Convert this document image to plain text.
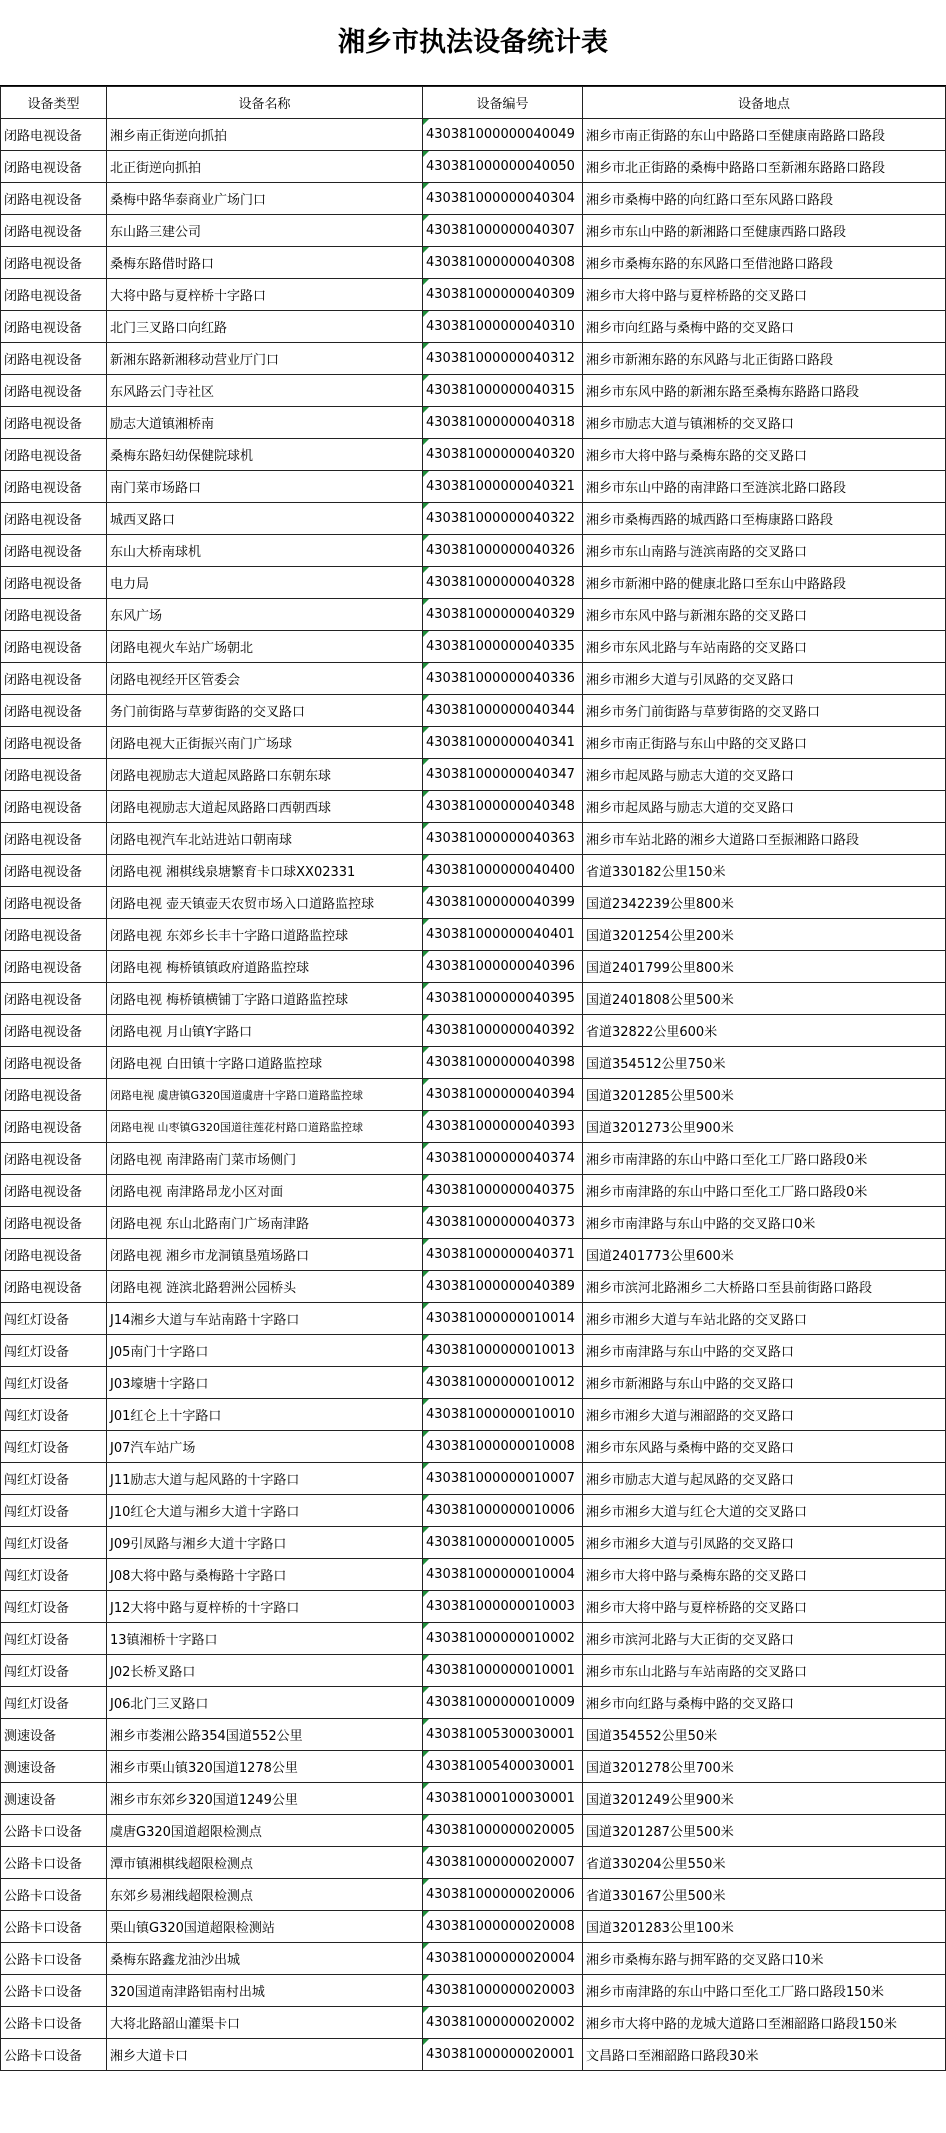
湘乡市执法设备统计表
设备类型	设备名称	设备编号	设备地点
闭路电视设备	湘乡南正街逆向抓拍	430381000000040049	湘乡市南正街路的东山中路路口至健康南路路口路段
闭路电视设备	北正街逆向抓拍	430381000000040050	湘乡市北正街路的桑梅中路路口至新湘东路路口路段
闭路电视设备	桑梅中路华泰商业广场门口	430381000000040304	湘乡市桑梅中路的向红路口至东风路口路段
闭路电视设备	东山路三建公司	430381000000040307	湘乡市东山中路的新湘路口至健康西路口路段
闭路电视设备	桑梅东路借时路口	430381000000040308	湘乡市桑梅东路的东风路口至借池路口路段
闭路电视设备	大将中路与夏梓桥十字路口	430381000000040309	湘乡市大将中路与夏梓桥路的交叉路口
闭路电视设备	北门三叉路口向红路	430381000000040310	湘乡市向红路与桑梅中路的交叉路口
闭路电视设备	新湘东路新湘移动营业厅门口	430381000000040312	湘乡市新湘东路的东风路与北正街路口路段
闭路电视设备	东风路云门寺社区	430381000000040315	湘乡市东风中路的新湘东路至桑梅东路路口路段
闭路电视设备	励志大道镇湘桥南	430381000000040318	湘乡市励志大道与镇湘桥的交叉路口
闭路电视设备	桑梅东路妇幼保健院球机	430381000000040320	湘乡市大将中路与桑梅东路的交叉路口
闭路电视设备	南门菜市场路口	430381000000040321	湘乡市东山中路的南津路口至涟滨北路口路段
闭路电视设备	城西叉路口	430381000000040322	湘乡市桑梅西路的城西路口至梅康路口路段
闭路电视设备	东山大桥南球机	430381000000040326	湘乡市东山南路与涟滨南路的交叉路口
闭路电视设备	电力局	430381000000040328	湘乡市新湘中路的健康北路口至东山中路路段
闭路电视设备	东风广场	430381000000040329	湘乡市东风中路与新湘东路的交叉路口
闭路电视设备	闭路电视火车站广场朝北	430381000000040335	湘乡市东风北路与车站南路的交叉路口
闭路电视设备	闭路电视经开区管委会	430381000000040336	湘乡市湘乡大道与引凤路的交叉路口
闭路电视设备	务门前街路与草萝街路的交叉路口	430381000000040344	湘乡市务门前街路与草萝街路的交叉路口
闭路电视设备	闭路电视大正街振兴南门广场球	430381000000040341	湘乡市南正街路与东山中路的交叉路口
闭路电视设备	闭路电视励志大道起凤路路口东朝东球	430381000000040347	湘乡市起凤路与励志大道的交叉路口
闭路电视设备	闭路电视励志大道起凤路路口西朝西球	430381000000040348	湘乡市起凤路与励志大道的交叉路口
闭路电视设备	闭路电视汽车北站进站口朝南球	430381000000040363	湘乡市车站北路的湘乡大道路口至振湘路口路段
闭路电视设备	闭路电视 湘棋线泉塘繁育卡口球XX02331	430381000000040400	省道330182公里150米
闭路电视设备	闭路电视 壶天镇壶天农贸市场入口道路监控球	430381000000040399	国道2342239公里800米
闭路电视设备	闭路电视 东郊乡长丰十字路口道路监控球	430381000000040401	国道3201254公里200米
闭路电视设备	闭路电视 梅桥镇镇政府道路监控球	430381000000040396	国道2401799公里800米
闭路电视设备	闭路电视 梅桥镇横铺丁字路口道路监控球	430381000000040395	国道2401808公里500米
闭路电视设备	闭路电视 月山镇Y字路口	430381000000040392	省道32822公里600米
闭路电视设备	闭路电视 白田镇十字路口道路监控球	430381000000040398	国道354512公里750米
闭路电视设备	闭路电视 虞唐镇G320国道虞唐十字路口道路监控球	430381000000040394	国道3201285公里500米
闭路电视设备	闭路电视 山枣镇G320国道往莲花村路口道路监控球	430381000000040393	国道3201273公里900米
闭路电视设备	闭路电视 南津路南门菜市场侧门	430381000000040374	湘乡市南津路的东山中路口至化工厂路口路段0米
闭路电视设备	闭路电视 南津路昂龙小区对面	430381000000040375	湘乡市南津路的东山中路口至化工厂路口路段0米
闭路电视设备	闭路电视 东山北路南门广场南津路	430381000000040373	湘乡市南津路与东山中路的交叉路口0米
闭路电视设备	闭路电视 湘乡市龙洞镇垦殖场路口	430381000000040371	国道2401773公里600米
闭路电视设备	闭路电视 涟滨北路碧洲公园桥头	430381000000040389	湘乡市滨河北路湘乡二大桥路口至县前街路口路段
闯红灯设备	J14湘乡大道与车站南路十字路口	430381000000010014	湘乡市湘乡大道与车站北路的交叉路口
闯红灯设备	J05南门十字路口	430381000000010013	湘乡市南津路与东山中路的交叉路口
闯红灯设备	J03壕塘十字路口	430381000000010012	湘乡市新湘路与东山中路的交叉路口
闯红灯设备	J01红仑上十字路口	430381000000010010	湘乡市湘乡大道与湘韶路的交叉路口
闯红灯设备	J07汽车站广场	430381000000010008	湘乡市东风路与桑梅中路的交叉路口
闯红灯设备	J11励志大道与起风路的十字路口	430381000000010007	湘乡市励志大道与起凤路的交叉路口
闯红灯设备	J10红仑大道与湘乡大道十字路口	430381000000010006	湘乡市湘乡大道与红仑大道的交叉路口
闯红灯设备	J09引凤路与湘乡大道十字路口	430381000000010005	湘乡市湘乡大道与引凤路的交叉路口
闯红灯设备	J08大将中路与桑梅路十字路口	430381000000010004	湘乡市大将中路与桑梅东路的交叉路口
闯红灯设备	J12大将中路与夏梓桥的十字路口	430381000000010003	湘乡市大将中路与夏梓桥路的交叉路口
闯红灯设备	13镇湘桥十字路口	430381000000010002	湘乡市滨河北路与大正街的交叉路口
闯红灯设备	J02长桥叉路口	430381000000010001	湘乡市东山北路与车站南路的交叉路口
闯红灯设备	J06北门三叉路口	430381000000010009	湘乡市向红路与桑梅中路的交叉路口
测速设备	湘乡市娄湘公路354国道552公里	430381005300030001	国道354552公里50米
测速设备	湘乡市栗山镇320国道1278公里	430381005400030001	国道3201278公里700米
测速设备	湘乡市东郊乡320国道1249公里	430381000100030001	国道3201249公里900米
公路卡口设备	虞唐G320国道超限检测点	430381000000020005	国道3201287公里500米
公路卡口设备	潭市镇湘棋线超限检测点	430381000000020007	省道330204公里550米
公路卡口设备	东郊乡易湘线超限检测点	430381000000020006	省道330167公里500米
公路卡口设备	栗山镇G320国道超限检测站	430381000000020008	国道3201283公里100米
公路卡口设备	桑梅东路鑫龙油沙出城	430381000000020004	湘乡市桑梅东路与拥军路的交叉路口10米
公路卡口设备	320国道南津路铝南村出城	430381000000020003	湘乡市南津路的东山中路口至化工厂路口路段150米
公路卡口设备	大将北路韶山灌渠卡口	430381000000020002	湘乡市大将中路的龙城大道路口至湘韶路口路段150米
公路卡口设备	湘乡大道卡口	430381000000020001	文昌路口至湘韶路口路段30米
